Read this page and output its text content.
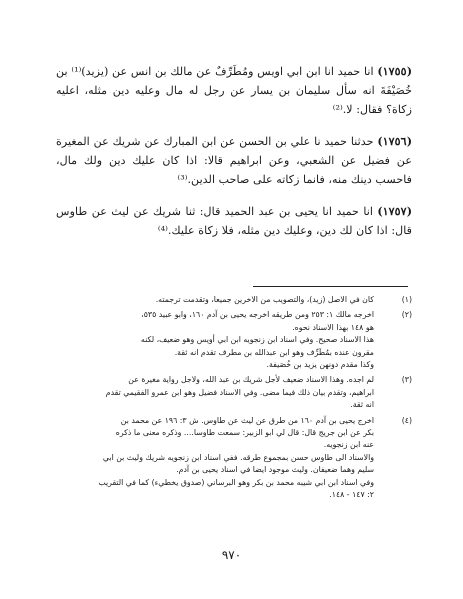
(١٧٥٥) انا حميد انا ابن ابي اويس ومُطَرِّفٌ عن مالك بن انس عن (يزيد)⁽¹⁾ بن خُصَيْفَةَ انه سأل سليمان بن يسار عن رجل له مال وعليه دين مثله، اعليه زكاة؟ فقال: لا.⁽²⁾

(١٧٥٦) حدثنا حميد نا علي بن الحسن عن ابن المبارك عن شريك عن المغيرة عن فضيل عن الشعبي، وعن ابراهيم قالا: اذا كان عليك دين ولك مال، فاحسب دينك منه، فانما زكاته على صاحب الدين.⁽³⁾

(١٧٥٧) انا حميد انا يحيى بن عبد الحميد قال: ثنا شريك عن ليث عن طاوس قال: اذا كان لك دين، وعليك دين مثله، فلا زكاة عليك.⁽⁴⁾

(١)
كان في الاصل (زيد)، والتصويب من الاخرين جميعا، وتقدمت ترجمته.
(٢)
اخرجه مالك ١: ٢٥٣ ومن طريقه اخرجه يحيى بن آدم ١٦٠، وابو عبيد ٥٣٥،
هو ١٤٨ بهذا الاسناد نحوه.
هذا الاسناد صحيح. وفي اسناد ابن زنجويه ابن ابي أويس وهو ضعيف، لكنه
مقرون عنده بمُطَرِّف وهو ابن عبدالله بن مطرف تقدم انه ثقة.
وكذا مقدم دونهن يزيد بن خُصَيفة.
(٣)
لم اجده. وهذا الاسناد ضعيف لأجل شريك بن عبد الله، ولاجل رواية مغيرة عن
ابراهيم، وتقدم بيان ذلك فيما مضى. وفي الاسناد فضيل وهو ابن عمرو الفقيمي تقدم
انه ثقة.
(٤)
اخرج يحيى بن آدم ١٦٠ من طرق عن ليث عن طاوس. ش ٣: ١٩٦ عن محمد بن
بكر عن ابن جريج قال: قال لي ابو الزبير: سمعت طاوسا.... وذكره معنى ما ذكره
عنه ابن زنجويه.
والاسناد الى طاوس حسن بمجموع طرقه. ففي اسناد ابن زنجويه شريك وليث بن ابي
سليم وهما ضعيفان. وليث موجود ايضا في اسناد يحيى بن آدم.
وفي اسناد ابن ابي شيبه محمد بن بكر وهو البرساني (صدوق يخطيء) كما في التقريب
٢: ١٤٧ - ١٤٨.
٩٧٠
